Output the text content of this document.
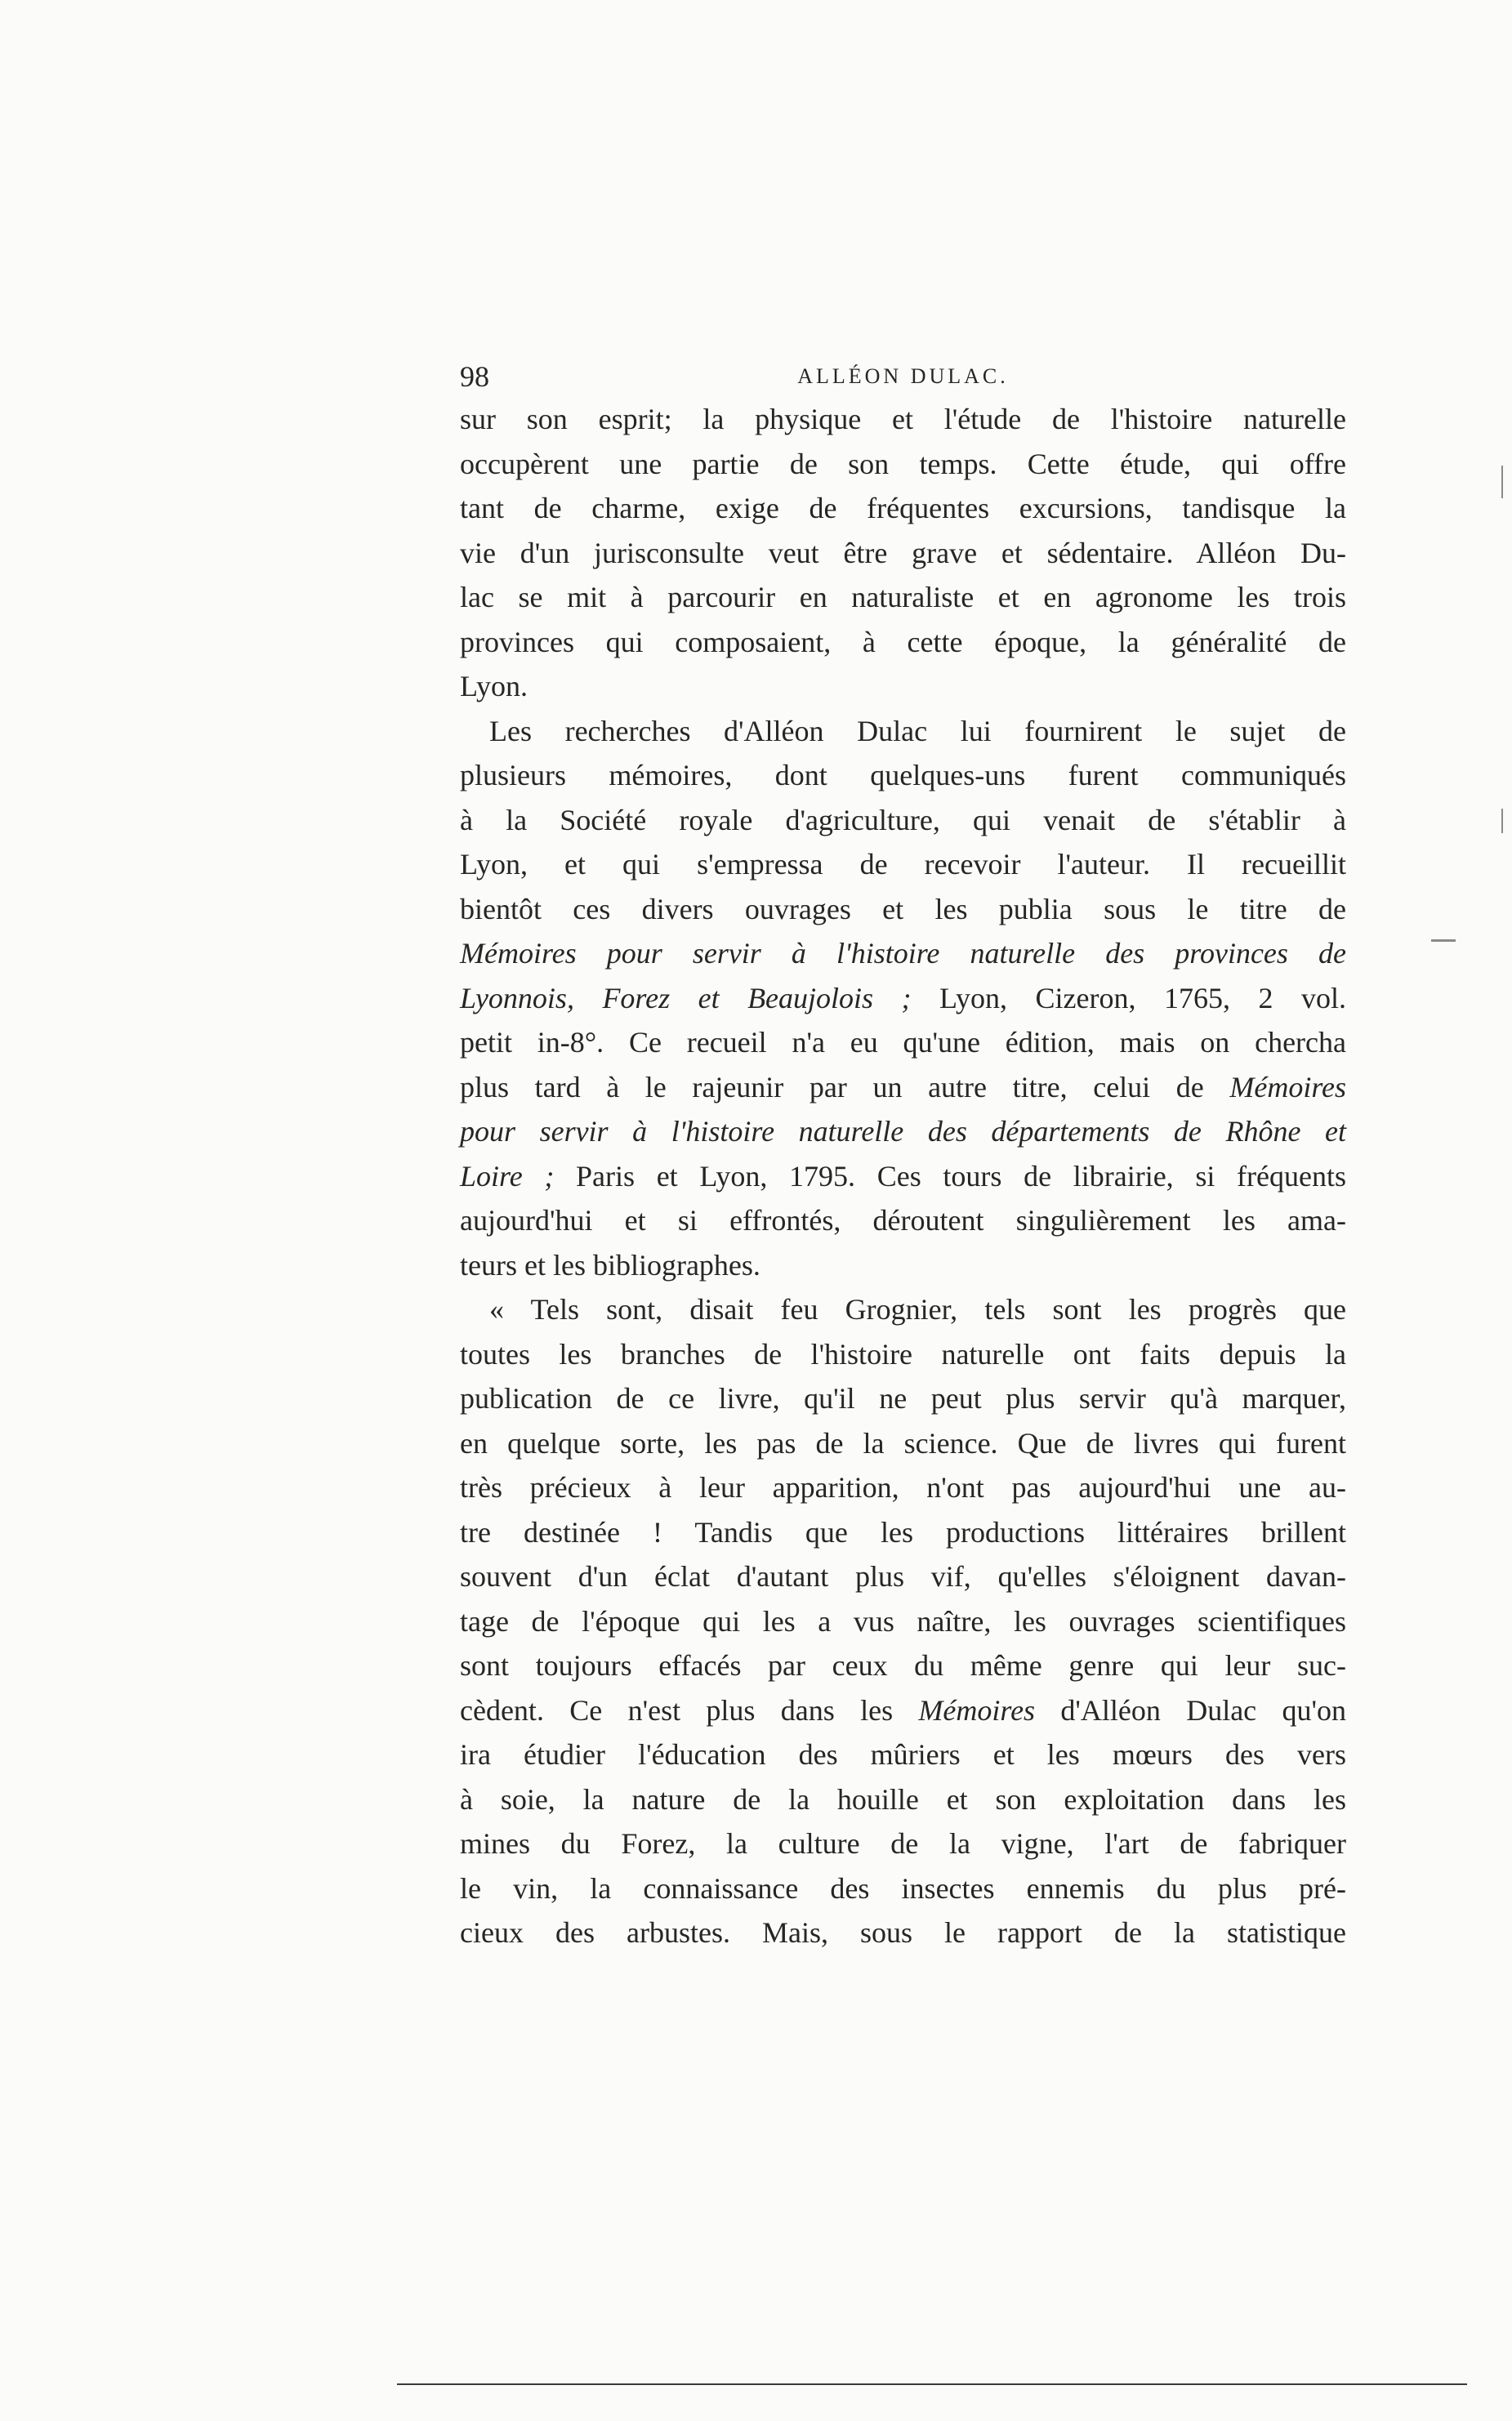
98	ALLÉON DULAC.
sur son esprit; la physique et l'étude de l'histoire naturelle
occupèrent une partie de son temps. Cette étude, qui offre
tant de charme, exige de fréquentes excursions, tandisque la
vie d'un jurisconsulte veut être grave et sédentaire. Alléon Du-
lac se mit à parcourir en naturaliste et en agronome les trois
provinces qui composaient, à cette époque, la généralité de
Lyon.
Les recherches d'Alléon Dulac lui fournirent le sujet de
plusieurs mémoires, dont quelques-uns furent communiqués
à la Société royale d'agriculture, qui venait de s'établir à
Lyon, et qui s'empressa de recevoir l'auteur. Il recueillit
bientôt ces divers ouvrages et les publia sous le titre de
Mémoires pour servir à l'histoire naturelle des provinces de
Lyonnois, Forez et Beaujolois ; Lyon, Cizeron, 1765, 2 vol.
petit in-8°. Ce recueil n'a eu qu'une édition, mais on chercha
plus tard à le rajeunir par un autre titre, celui de Mémoires
pour servir à l'histoire naturelle des départements de Rhône et
Loire ; Paris et Lyon, 1795. Ces tours de librairie, si fréquents
aujourd'hui et si effrontés, déroutent singulièrement les ama-
teurs et les bibliographes.
« Tels sont, disait feu Grognier, tels sont les progrès que
toutes les branches de l'histoire naturelle ont faits depuis la
publication de ce livre, qu'il ne peut plus servir qu'à marquer,
en quelque sorte, les pas de la science. Que de livres qui furent
très précieux à leur apparition, n'ont pas aujourd'hui une au-
tre destinée ! Tandis que les productions littéraires brillent
souvent d'un éclat d'autant plus vif, qu'elles s'éloignent davan-
tage de l'époque qui les a vus naître, les ouvrages scientifiques
sont toujours effacés par ceux du même genre qui leur suc-
cèdent. Ce n'est plus dans les Mémoires d'Alléon Dulac qu'on
ira étudier l'éducation des mûriers et les mœurs des vers
à soie, la nature de la houille et son exploitation dans les
mines du Forez, la culture de la vigne, l'art de fabriquer
le vin, la connaissance des insectes ennemis du plus pré-
cieux des arbustes. Mais, sous le rapport de la statistique
